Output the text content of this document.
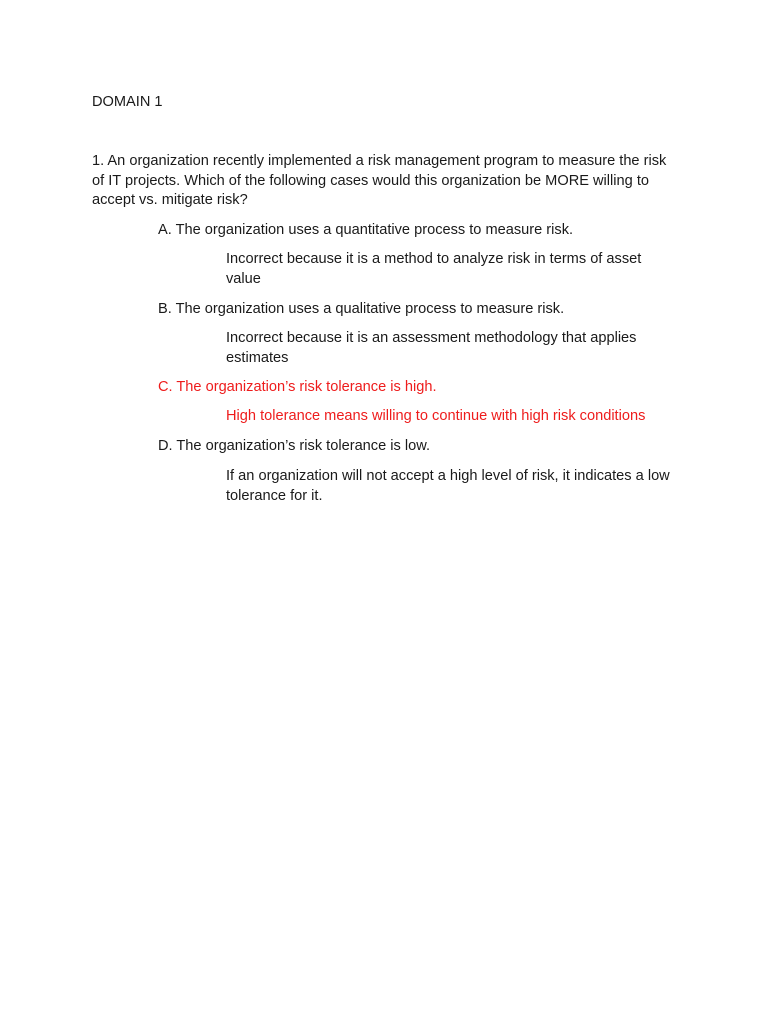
DOMAIN 1
1. An organization recently implemented a risk management program to measure the risk of IT projects. Which of the following cases would this organization be MORE willing to accept vs. mitigate risk?
A. The organization uses a quantitative process to measure risk.
Incorrect because it is a method to analyze risk in terms of asset value
B. The organization uses a qualitative process to measure risk.
Incorrect because it is an assessment methodology that applies estimates
C. The organization’s risk tolerance is high.
High tolerance means willing to continue with high risk conditions
D. The organization’s risk tolerance is low.
If an organization will not accept a high level of risk, it indicates a low tolerance for it.
